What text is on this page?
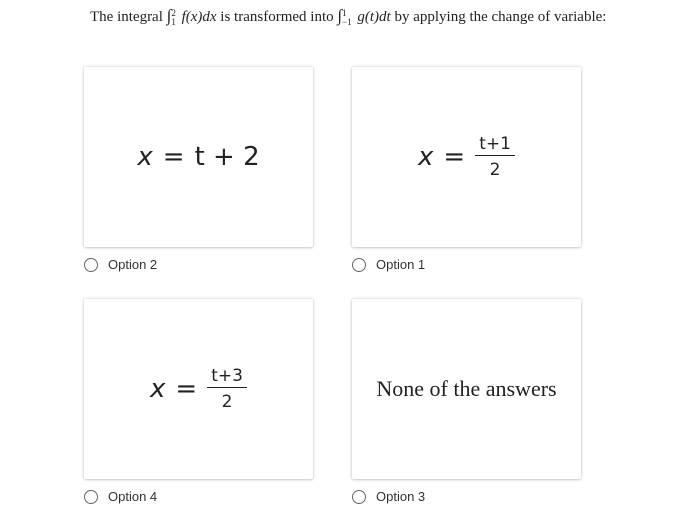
The integral ∫ 2
1 f(x)dx is transformed into ∫ 1
−1 g(t)dt by applying the change of variable:
x = t + 2
Option 2
$x = \frac{t+1}{2}$
Option 1
$x = \frac{t+3}{2}$
Option 4
None of the answers
Option 3
